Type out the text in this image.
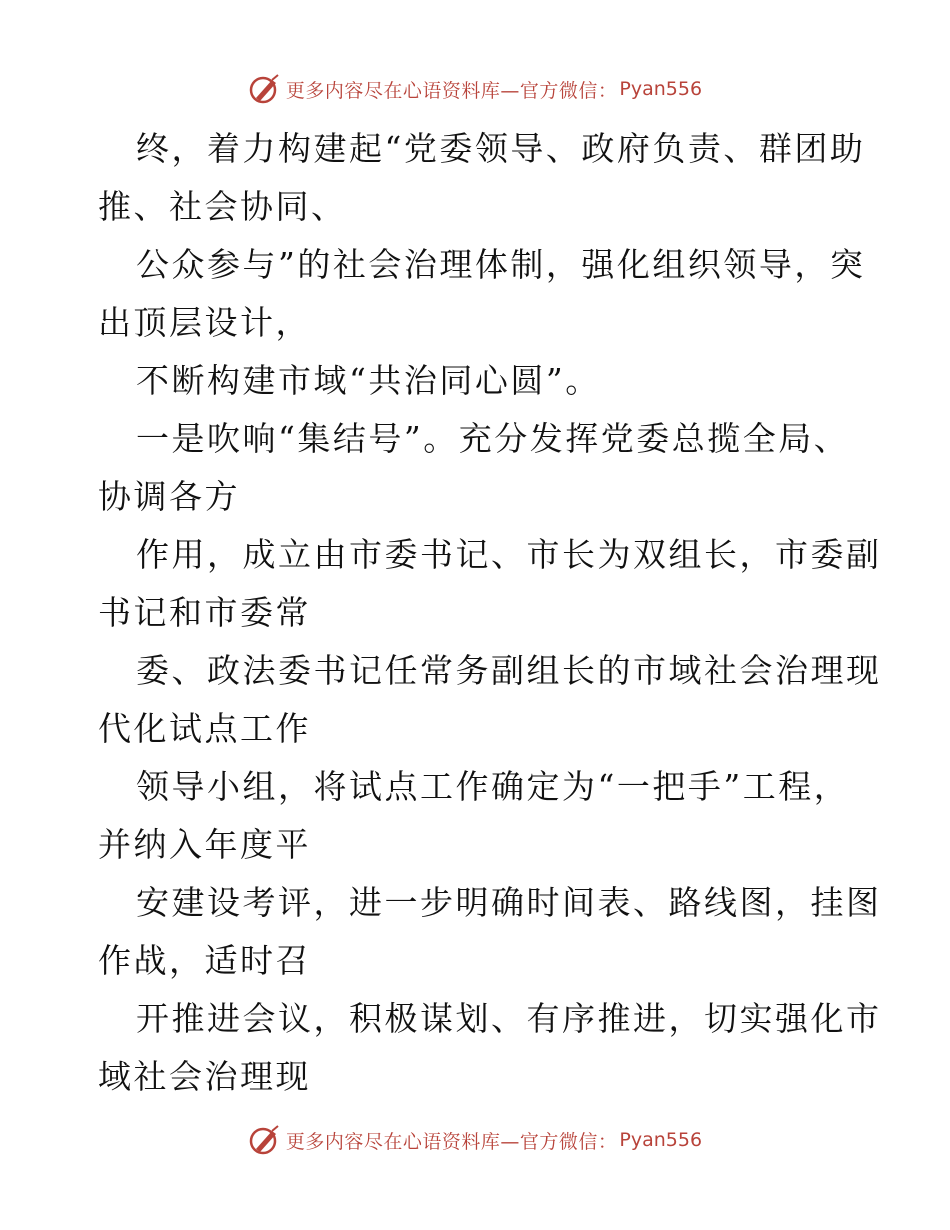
更多内容尽在心语资料库—官方微信： Pyan556
终，着力构建起“党委领导、政府负责、群团助
推、社会协同、
公众参与”的社会治理体制，强化组织领导，突
出顶层设计，
不断构建市域“共治同心圆”。
一是吹响“集结号”。充分发挥党委总揽全局、
协调各方
作用，成立由市委书记、市长为双组长，市委副
书记和市委常
委、政法委书记任常务副组长的市域社会治理现
代化试点工作
领导小组，将试点工作确定为“一把手”工程，
并纳入年度平
安建设考评，进一步明确时间表、路线图，挂图
作战，适时召
开推进会议，积极谋划、有序推进，切实强化市
域社会治理现
更多内容尽在心语资料库—官方微信： Pyan556
